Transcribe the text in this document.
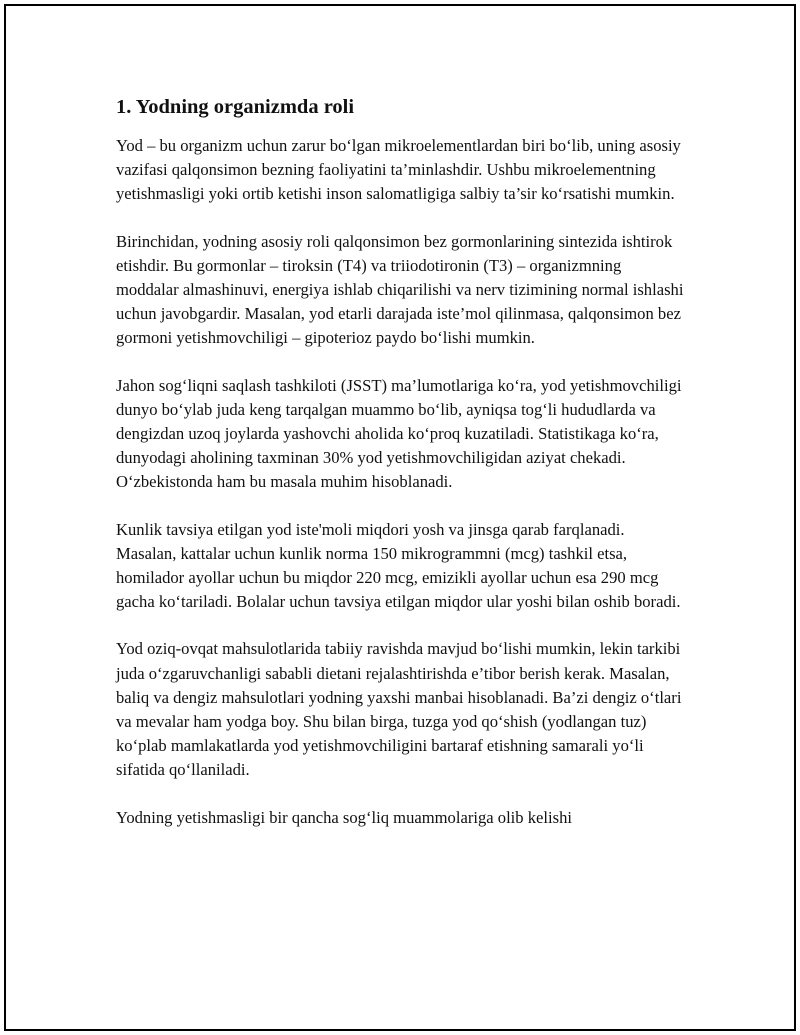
1. Yodning organizmda roli

Yod – bu organizm uchun zarur bo‘lgan mikroelementlardan biri bo‘lib, uning asosiy vazifasi qalqonsimon bezning faoliyatini ta’minlashdir. Ushbu mikroelementning yetishmasligi yoki ortib ketishi inson salomatligiga salbiy ta’sir ko‘rsatishi mumkin.

Birinchidan, yodning asosiy roli qalqonsimon bez gormonlarining sintezida ishtirok etishdir. Bu gormonlar – tiroksin (T4) va triiodotironin (T3) – organizmning moddalar almashinuvi, energiya ishlab chiqarilishi va nerv tizimining normal ishlashi uchun javobgardir. Masalan, yod etarli darajada iste’mol qilinmasa, qalqonsimon bez gormoni yetishmovchiligi – gipoterioz paydo bo‘lishi mumkin.

Jahon sog‘liqni saqlash tashkiloti (JSST) ma’lumotlariga ko‘ra, yod yetishmovchiligi dunyo bo‘ylab juda keng tarqalgan muammo bo‘lib, ayniqsa tog‘li hududlarda va dengizdan uzoq joylarda yashovchi aholida ko‘proq kuzatiladi. Statistikaga ko‘ra, dunyodagi aholining taxminan 30% yod yetishmovchiligidan aziyat chekadi. O‘zbekistonda ham bu masala muhim hisoblanadi.

Kunlik tavsiya etilgan yod iste'moli miqdori yosh va jinsga qarab farqlanadi. Masalan, kattalar uchun kunlik norma 150 mikrogrammni (mcg) tashkil etsa, homilador ayollar uchun bu miqdor 220 mcg, emizikli ayollar uchun esa 290 mcg gacha ko‘tariladi. Bolalar uchun tavsiya etilgan miqdor ular yoshi bilan oshib boradi.

Yod oziq-ovqat mahsulotlarida tabiiy ravishda mavjud bo‘lishi mumkin, lekin tarkibi juda o‘zgaruvchanligi sababli dietani rejalashtirishda e’tibor berish kerak. Masalan, baliq va dengiz mahsulotlari yodning yaxshi manbai hisoblanadi. Ba’zi dengiz o‘tlari va mevalar ham yodga boy. Shu bilan birga, tuzga yod qo‘shish (yodlangan tuz) ko‘plab mamlakatlarda yod yetishmovchiligini bartaraf etishning samarali yo‘li sifatida qo‘llaniladi.

Yodning yetishmasligi bir qancha sog‘liq muammolariga olib kelishi
